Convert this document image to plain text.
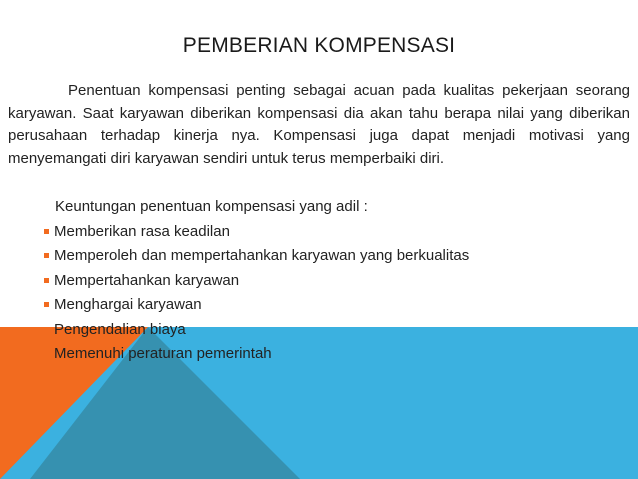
PEMBERIAN KOMPENSASI
Penentuan kompensasi penting sebagai acuan pada kualitas pekerjaan seorang karyawan. Saat karyawan diberikan kompensasi dia akan tahu berapa nilai yang diberikan perusahaan terhadap kinerja nya. Kompensasi juga dapat menjadi motivasi yang menyemangati diri karyawan sendiri untuk terus memperbaiki diri.
Keuntungan penentuan kompensasi yang adil :
Memberikan rasa keadilan
Memperoleh dan mempertahankan karyawan yang berkualitas
Mempertahankan karyawan
Menghargai karyawan
Pengendalian biaya
Memenuhi peraturan pemerintah
